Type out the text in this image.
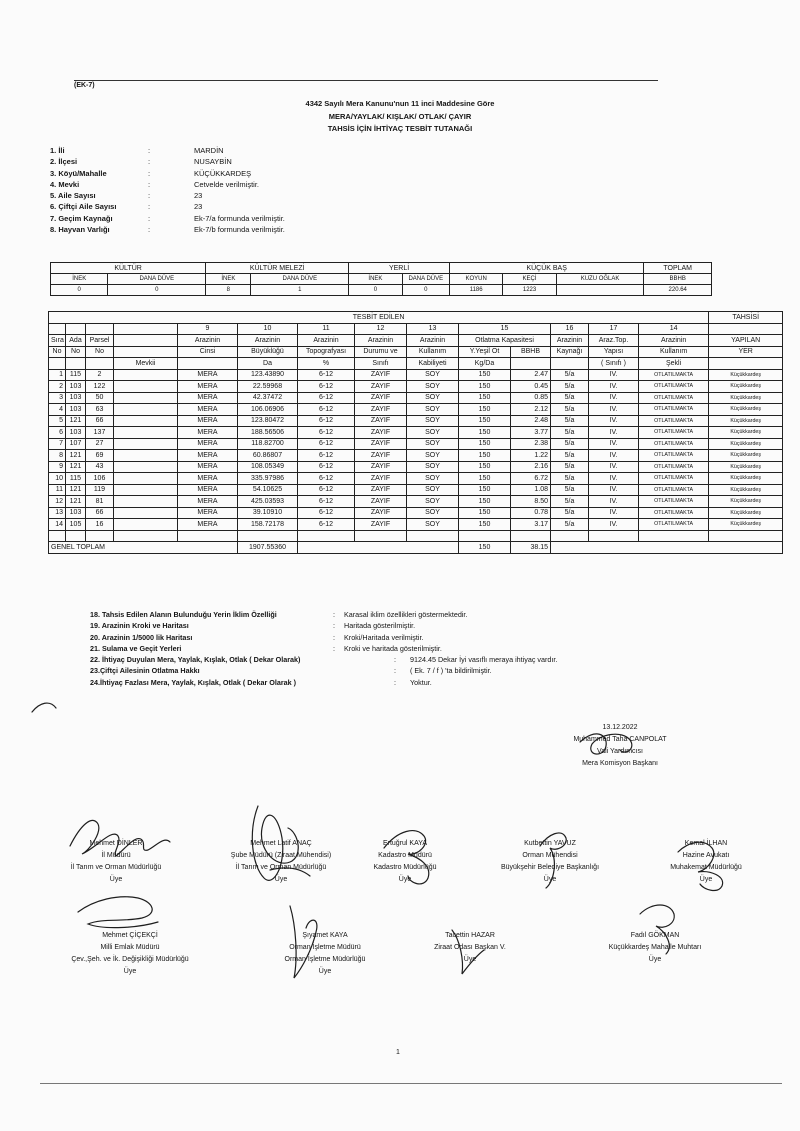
(EK-7)
4342 Sayılı Mera Kanunu'nun 11 inci Maddesine Göre
MERA/YAYLAK/ KIŞLAK/ OTLAK/ ÇAYIR
TAHSİS İÇİN İHTİYAÇ TESBİT TUTANAĞI
1. İli	:	MARDİN
2. İlçesi	:	NUSAYBİN
3. Köyü/Mahalle	:	KÜÇÜKKARDEŞ
4. Mevki	:	Cetvelde verilmiştir.
5. Aile Sayısı	:	23
6. Çiftçi Aile Sayısı	:	23
7. Geçim Kaynağı	:	Ek-7/a formunda verilmiştir.
8. Hayvan Varlığı	:	Ek-7/b formunda verilmiştir.
KÜLTÜR		KÜLTÜR MELEZİ		YERLİ		KÜÇÜK BAŞ			TOPLAM
İNEK	DANA DÜVE	İNEK	DANA DÜVE	İNEK	DANA DÜVE	KOYUN	KEÇİ	KUZU OĞLAK	BBHB
0	0	8	1	0	0	1186	1223		220.64
TESBİT EDİLEN														TAHSİSİ
				9	10	11	12	13	15		16	17	14	
Sıra	Ada	Parsel		Arazinin	Arazinin	Arazinin	Arazinin	Arazinin	Otlatma Kapasitesi		Arazinin	Araz.Top.	Arazinin	YAPILAN
No	No	No		Cinsi	Büyüklüğü	Topografyası	Durumu ve	Kullanım	Y.Yeşil Ot	BBHB	Kaynağı	Yapısı	Kullanım	YER
			Mevkii		Da	%	Sınıfı	Kabiliyeti	Kg/Da			( Sınıfı )	Şekli	
1	115	2		MERA	123.43890	6-12	ZAYIF	SOY	150	2.47	5/a	IV.	OTLATILMAKTA	Küçükkardeş
2	103	122		MERA	22.59968	6-12	ZAYIF	SOY	150	0.45	5/a	IV.	OTLATILMAKTA	Küçükkardeş
3	103	50		MERA	42.37472	6-12	ZAYIF	SOY	150	0.85	5/a	IV.	OTLATILMAKTA	Küçükkardeş
4	103	63		MERA	106.06906	6-12	ZAYIF	SOY	150	2.12	5/a	IV.	OTLATILMAKTA	Küçükkardeş
5	121	66		MERA	123.80472	6-12	ZAYIF	SOY	150	2.48	5/a	IV.	OTLATILMAKTA	Küçükkardeş
6	103	137		MERA	188.56506	6-12	ZAYIF	SOY	150	3.77	5/a	IV.	OTLATILMAKTA	Küçükkardeş
7	107	27		MERA	118.82700	6-12	ZAYIF	SOY	150	2.38	5/a	IV.	OTLATILMAKTA	Küçükkardeş
8	121	69		MERA	60.86807	6-12	ZAYIF	SOY	150	1.22	5/a	IV.	OTLATILMAKTA	Küçükkardeş
9	121	43		MERA	108.05349	6-12	ZAYIF	SOY	150	2.16	5/a	IV.	OTLATILMAKTA	Küçükkardeş
10	115	106		MERA	335.97986	6-12	ZAYIF	SOY	150	6.72	5/a	IV.	OTLATILMAKTA	Küçükkardeş
11	121	119		MERA	54.10625	6-12	ZAYIF	SOY	150	1.08	5/a	IV.	OTLATILMAKTA	Küçükkardeş
12	121	81		MERA	425.03593	6-12	ZAYIF	SOY	150	8.50	5/a	IV.	OTLATILMAKTA	Küçükkardeş
13	103	66		MERA	39.10910	6-12	ZAYIF	SOY	150	0.78	5/a	IV.	OTLATILMAKTA	Küçükkardeş
14	105	16		MERA	158.72178	6-12	ZAYIF	SOY	150	3.17	5/a	IV.	OTLATILMAKTA	Küçükkardeş

GENEL TOPLAM					1907.55360				150	38.15				
18. Tahsis Edilen Alanın Bulunduğu Yerin İklim Özelliği	: Karasal iklim özellikleri göstermektedir.
19. Arazinin Kroki ve Haritası	: Haritada gösterilmiştir.
20. Arazinin 1/5000 lik Haritası	: Kroki/Haritada verilmiştir.
21. Sulama ve Geçit Yerleri	: Kroki ve haritada gösterilmiştir.
22. İhtiyaç Duyulan Mera, Yaylak, Kışlak, Otlak ( Dekar Olarak)	: 9124.45 Dekar İyi vasıflı meraya ihtiyaç vardır.
23.Çiftçi Ailesinin Otlatma Hakkı	: ( Ek. 7 / f ) 'ta bildirilmiştir.
24.İhtiyaç Fazlası Mera, Yaylak, Kışlak, Otlak ( Dekar Olarak )	: Yoktur.
13.12.2022
Muhammed Taha CANPOLAT
Vali Yardımcısı
Mera Komisyon Başkanı
Mehmet DİNLER
İl Müdürü
İl Tarım ve Orman Müdürlüğü
Üye
Mehmet Latif ANAÇ
Şube Müdürü (Ziraat Mühendisi)
İl Tarım ve Orman Müdürlüğü
Üye
Ertuğrul KAYA
Kadastro Müdürü
Kadastro Müdürlüğü
Üye
Kutbettin YAVUZ
Orman Mühendisi
Büyükşehir Belediye Başkanlığı
Üye
Kemal İLHAN
Hazine Avukatı
Muhakemat Müdürlüğü
Üye
Mehmet ÇİÇEKÇİ
Milli Emlak Müdürü
Çev.,Şeh. ve İk. Değişikliği Müdürlüğü
Üye
Şıyamet KAYA
Orman İşletme Müdürü
Orman İşletme Müdürlüğü
Üye
Tacettin HAZAR
Ziraat Odası Başkan V.
Üye
Fadıl GÖKMAN
Küçükkardeş Mahalle Muhtarı
Üye
1
